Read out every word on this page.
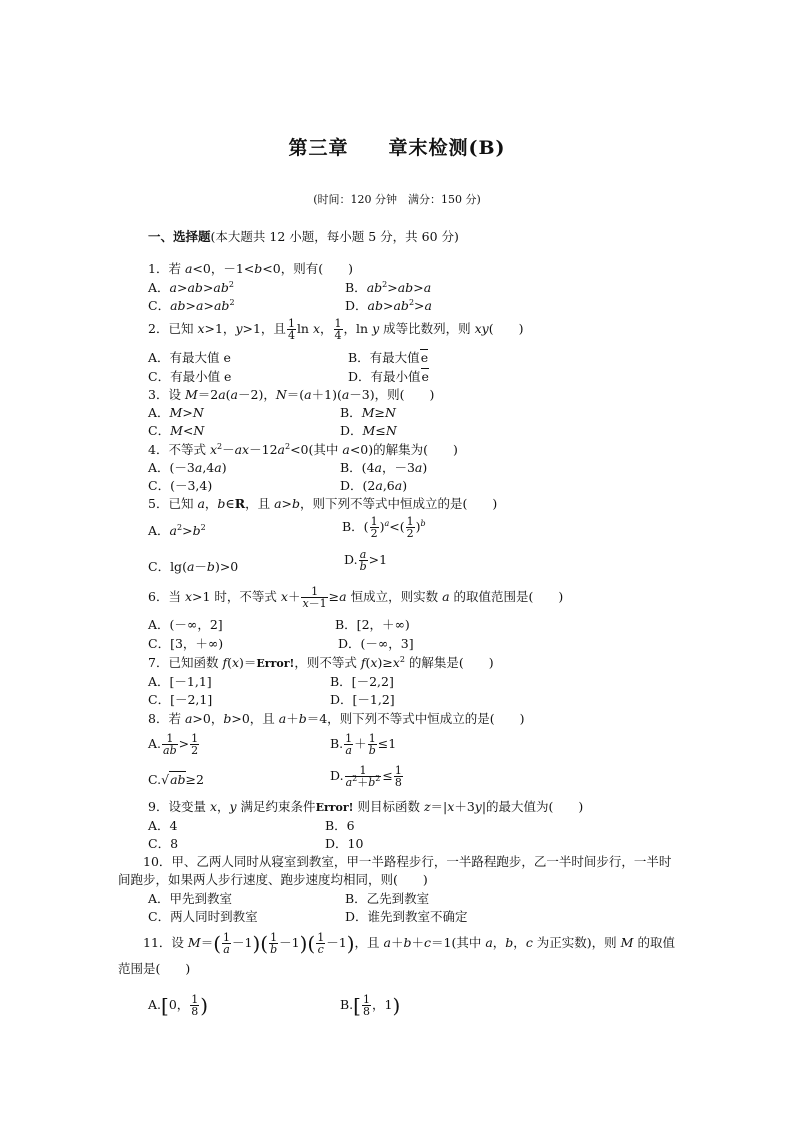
第三章 章末检测(B)
(时间：120 分钟　满分：150 分)
一、选择题(本大题共 12 小题，每小题 5 分，共 60 分)
1．若 a<0，－1<b<0，则有(　　)
A．$a>ab>ab^2$	B．$ab^2>ab>a$
C．$ab>a>ab^2$	D．$ab>ab^2>a$
2．已知 x>1，y>1，且 $\frac{1}{4}$ ln x， $\frac{1}{4}$ ，ln y 成等比数列，则 xy(　　)
A．有最大值 e	B．有最大值e
C．有最小值 e	D．有最小值e
3．设 M＝2a(a－2)，N＝(a＋1)(a－3)，则(　　)
A．M>N	B．M≥N
C．M<N	D．M≤N
4．不等式 $x^2-ax-12a^2<0$(其中 a<0)的解集为(　　)
A．(－3a,4a)	B．(4a，－3a)
C．(－3,4)	D．(2a,6a)
5．已知 a，b∈R，且 a>b，则下列不等式中恒成立的是(　　)
A．$a^2>b^2$	B．( $\frac{1}{2} )^a<( \frac{1}{2} )^b$
C．lg(a－b)>0	D. $\frac{a}{b} >1$
6．当 x>1 时，不等式 $x+ \frac{1}{x-1} \ge a$ 恒成立，则实数 a 的取值范围是(　　)
A．(－∞，2]	B．[2，＋∞)
C．[3，＋∞)	D．(－∞，3]
7．已知函数 f(x)＝Error!，则不等式 $f(x)\ge x^2$ 的解集是(　　)
A．[－1,1]	B．[－2,2]
C．[－2,1]	D．[－1,2]
8．若 a>0，b>0，且 a＋b＝4，则下列不等式中恒成立的是(　　)
A. $\frac{1}{ab} > \frac{1}{2}$	B. $\frac{1}{a} + \frac{1}{b} \le 1$
C.√ab≥2	D. $\frac{1}{a^2+b^2} \le \frac{1}{8}$
9．设变量 x，y 满足约束条件Error! 则目标函数 z＝|x＋3y|的最大值为(　　)
A．4	B．6
C．8	D．10
　　10．甲、乙两人同时从寝室到教室，甲一半路程步行，一半路程跑步，乙一半时间步行，一半时间跑步，如果两人步行速度、跑步速度均相同，则(　　)
A．甲先到教室	B．乙先到教室
C．两人同时到教室	D．谁先到教室不确定
　　11．设 $M=( \frac{1}{a} -1)( \frac{1}{b} -1)( \frac{1}{c} -1)$，且 a＋b＋c＝1(其中 a，b，c 为正实数)，则 M 的取值范围是(　　)
A.[0， $\frac{1}{8}$ )	$B.[ \frac{1}{8}$ ，1)
